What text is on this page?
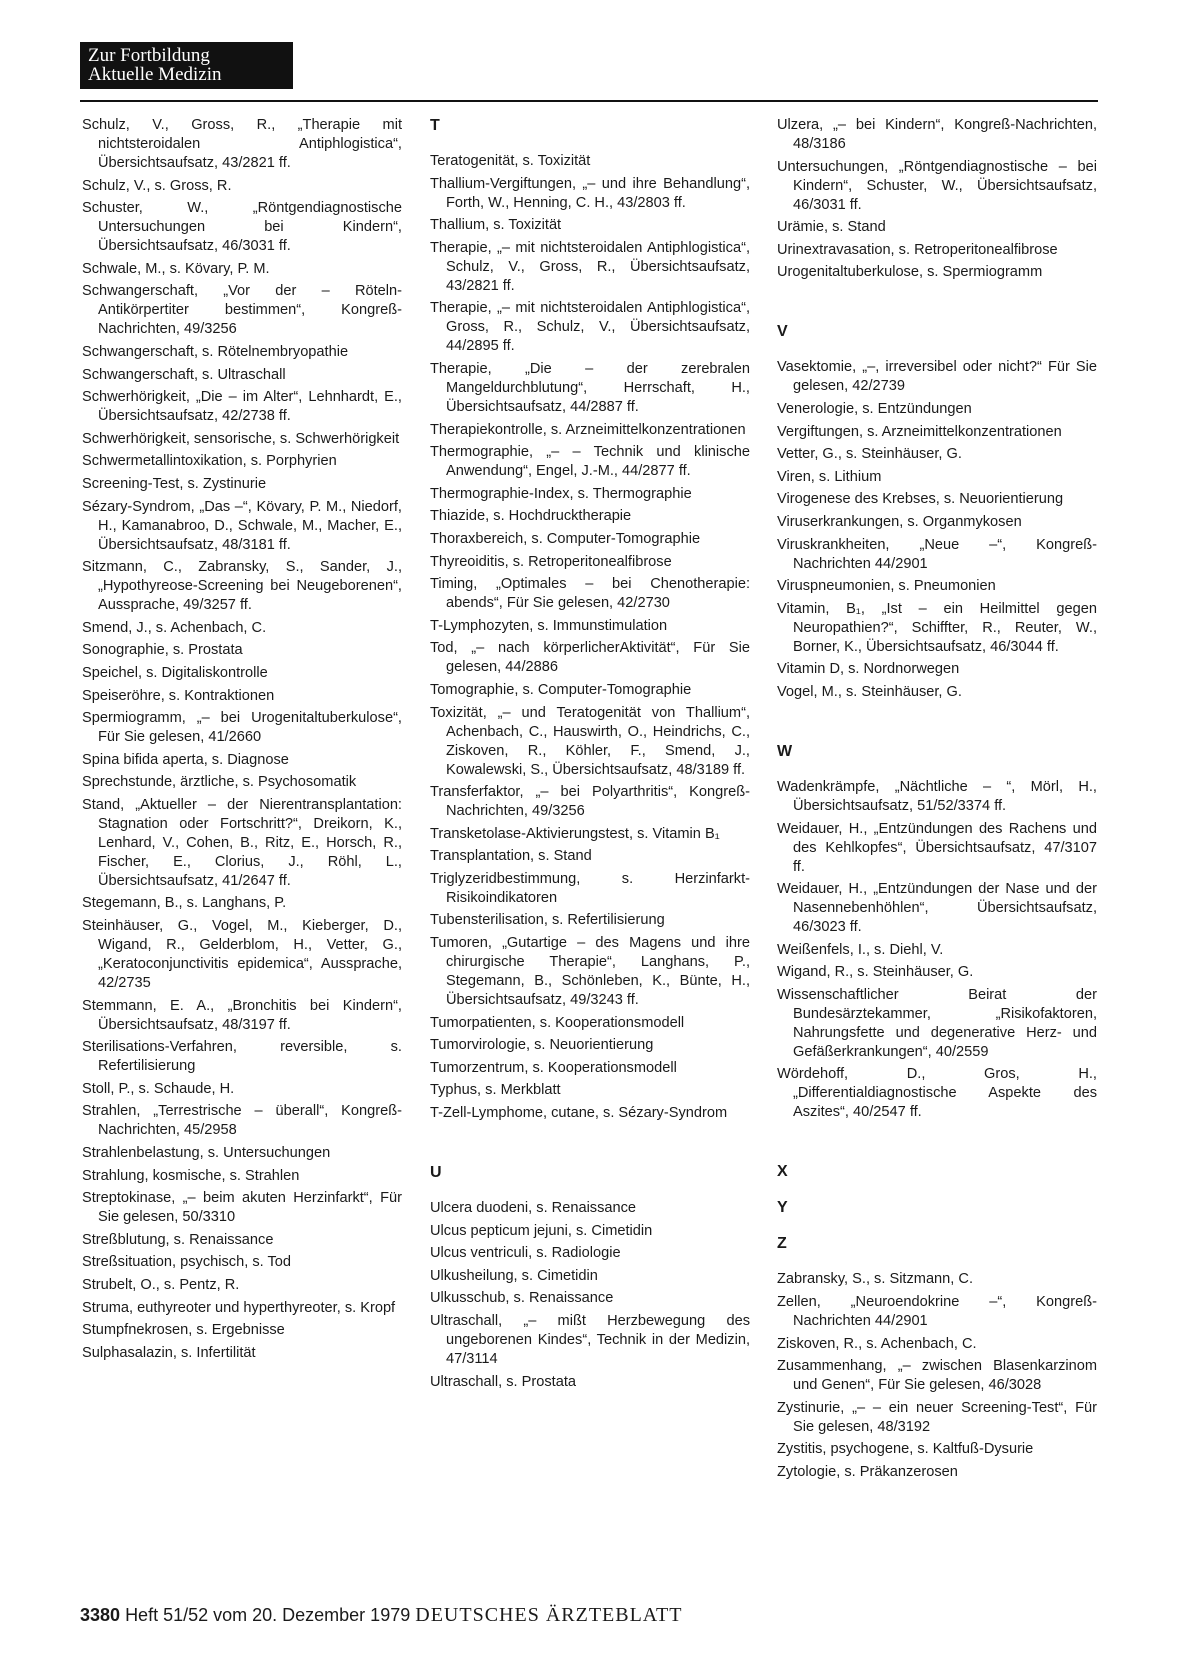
Zur Fortbildung
Aktuelle Medizin
Schulz, V., Gross, R., „Therapie mit nichtsteroidalen Antiphlogistica“, Übersichtsaufsatz, 43/2821 ff.
Schulz, V., s. Gross, R.
Schuster, W., „Röntgendiagnostische Untersuchungen bei Kindern“, Übersichtsaufsatz, 46/3031 ff.
Schwale, M., s. Kövary, P. M.
Schwangerschaft, „Vor der – Röteln-Antikörpertiter bestimmen“, Kongreß-Nachrichten, 49/3256
Schwangerschaft, s. Rötelnembryopathie
Schwangerschaft, s. Ultraschall
Schwerhörigkeit, „Die – im Alter“, Lehnhardt, E., Übersichtsaufsatz, 42/2738 ff.
Schwerhörigkeit, sensorische, s. Schwerhörigkeit
Schwermetallintoxikation, s. Porphyrien
Screening-Test, s. Zystinurie
Sézary-Syndrom, „Das –“, Kövary, P. M., Niedorf, H., Kamanabroo, D., Schwale, M., Macher, E., Übersichtsaufsatz, 48/3181 ff.
Sitzmann, C., Zabransky, S., Sander, J., „Hypothyreose-Screening bei Neugeborenen“, Aussprache, 49/3257 ff.
Smend, J., s. Achenbach, C.
Sonographie, s. Prostata
Speichel, s. Digitaliskontrolle
Speiseröhre, s. Kontraktionen
Spermiogramm, „– bei Urogenitaltuberkulose“, Für Sie gelesen, 41/2660
Spina bifida aperta, s. Diagnose
Sprechstunde, ärztliche, s. Psychosomatik
Stand, „Aktueller – der Nierentransplantation: Stagnation oder Fortschritt?“, Dreikorn, K., Lenhard, V., Cohen, B., Ritz, E., Horsch, R., Fischer, E., Clorius, J., Röhl, L., Übersichtsaufsatz, 41/2647 ff.
Stegemann, B., s. Langhans, P.
Steinhäuser, G., Vogel, M., Kieberger, D., Wigand, R., Gelderblom, H., Vetter, G., „Keratoconjunctivitis epidemica“, Aussprache, 42/2735
Stemmann, E. A., „Bronchitis bei Kindern“, Übersichtsaufsatz, 48/3197 ff.
Sterilisations-Verfahren, reversible, s. Refertilisierung
Stoll, P., s. Schaude, H.
Strahlen, „Terrestrische – überall“, Kongreß-Nachrichten, 45/2958
Strahlenbelastung, s. Untersuchungen
Strahlung, kosmische, s. Strahlen
Streptokinase, „– beim akuten Herzinfarkt“, Für Sie gelesen, 50/3310
Streßblutung, s. Renaissance
Streßsituation, psychisch, s. Tod
Strubelt, O., s. Pentz, R.
Struma, euthyreoter und hyperthyreoter, s. Kropf
Stumpfnekrosen, s. Ergebnisse
Sulphasalazin, s. Infertilität
T
Teratogenität, s. Toxizität
Thallium-Vergiftungen, „– und ihre Behandlung“, Forth, W., Henning, C. H., 43/2803 ff.
Thallium, s. Toxizität
Therapie, „– mit nichtsteroidalen Antiphlogistica“, Schulz, V., Gross, R., Übersichtsaufsatz, 43/2821 ff.
Therapie, „– mit nichtsteroidalen Antiphlogistica“, Gross, R., Schulz, V., Übersichtsaufsatz, 44/2895 ff.
Therapie, „Die – der zerebralen Mangeldurchblutung“, Herrschaft, H., Übersichtsaufsatz, 44/2887 ff.
Therapiekontrolle, s. Arzneimittelkonzentrationen
Thermographie, „– – Technik und klinische Anwendung“, Engel, J.-M., 44/2877 ff.
Thermographie-Index, s. Thermographie
Thiazide, s. Hochdrucktherapie
Thoraxbereich, s. Computer-Tomographie
Thyreoiditis, s. Retroperitonealfibrose
Timing, „Optimales – bei Chenotherapie: abends“, Für Sie gelesen, 42/2730
T-Lymphozyten, s. Immunstimulation
Tod, „– nach körperlicherAktivität“, Für Sie gelesen, 44/2886
Tomographie, s. Computer-Tomographie
Toxizität, „– und Teratogenität von Thallium“, Achenbach, C., Hauswirth, O., Heindrichs, C., Ziskoven, R., Köhler, F., Smend, J., Kowalewski, S., Übersichtsaufsatz, 48/3189 ff.
Transferfaktor, „– bei Polyarthritis“, Kongreß-Nachrichten, 49/3256
Transketolase-Aktivierungstest, s. Vitamin B₁
Transplantation, s. Stand
Triglyzeridbestimmung, s. Herzinfarkt-Risikoindikatoren
Tubensterilisation, s. Refertilisierung
Tumoren, „Gutartige – des Magens und ihre chirurgische Therapie“, Langhans, P., Stegemann, B., Schönleben, K., Bünte, H., Übersichtsaufsatz, 49/3243 ff.
Tumorpatienten, s. Kooperationsmodell
Tumorvirologie, s. Neuorientierung
Tumorzentrum, s. Kooperationsmodell
Typhus, s. Merkblatt
T-Zell-Lymphome, cutane, s. Sézary-Syndrom
U
Ulcera duodeni, s. Renaissance
Ulcus pepticum jejuni, s. Cimetidin
Ulcus ventriculi, s. Radiologie
Ulkusheilung, s. Cimetidin
Ulkusschub, s. Renaissance
Ultraschall, „– mißt Herzbewegung des ungeborenen Kindes“, Technik in der Medizin, 47/3114
Ultraschall, s. Prostata
Ulzera, „– bei Kindern“, Kongreß-Nachrichten, 48/3186
Untersuchungen, „Röntgendiagnostische – bei Kindern“, Schuster, W., Übersichtsaufsatz, 46/3031 ff.
Urämie, s. Stand
Urinextravasation, s. Retroperitonealfibrose
Urogenitaltuberkulose, s. Spermiogramm
V
Vasektomie, „–, irreversibel oder nicht?“ Für Sie gelesen, 42/2739
Venerologie, s. Entzündungen
Vergiftungen, s. Arzneimittelkonzentrationen
Vetter, G., s. Steinhäuser, G.
Viren, s. Lithium
Virogenese des Krebses, s. Neuorientierung
Viruserkrankungen, s. Organmykosen
Viruskrankheiten, „Neue –“, Kongreß-Nachrichten 44/2901
Viruspneumonien, s. Pneumonien
Vitamin, B₁, „Ist – ein Heilmittel gegen Neuropathien?“, Schiffter, R., Reuter, W., Borner, K., Übersichtsaufsatz, 46/3044 ff.
Vitamin D, s. Nordnorwegen
Vogel, M., s. Steinhäuser, G.
W
Wadenkrämpfe, „Nächtliche – “, Mörl, H., Übersichtsaufsatz, 51/52/3374 ff.
Weidauer, H., „Entzündungen des Rachens und des Kehlkopfes“, Übersichtsaufsatz, 47/3107 ff.
Weidauer, H., „Entzündungen der Nase und der Nasennebenhöhlen“, Übersichtsaufsatz, 46/3023 ff.
Weißenfels, I., s. Diehl, V.
Wigand, R., s. Steinhäuser, G.
Wissenschaftlicher Beirat der Bundesärztekammer, „Risikofaktoren, Nahrungsfette und degenerative Herz- und Gefäßerkrankungen“, 40/2559
Wördehoff, D., Gros, H., „Differentialdiagnostische Aspekte des Aszites“, 40/2547 ff.
X
Y
Z
Zabransky, S., s. Sitzmann, C.
Zellen, „Neuroendokrine –“, Kongreß-Nachrichten 44/2901
Ziskoven, R., s. Achenbach, C.
Zusammenhang, „– zwischen Blasenkarzinom und Genen“, Für Sie gelesen, 46/3028
Zystinurie, „– – ein neuer Screening-Test“, Für Sie gelesen, 48/3192
Zystitis, psychogene, s. Kaltfuß-Dysurie
Zytologie, s. Präkanzerosen
3380 Heft 51/52 vom 20. Dezember 1979 DEUTSCHES ÄRZTEBLATT
